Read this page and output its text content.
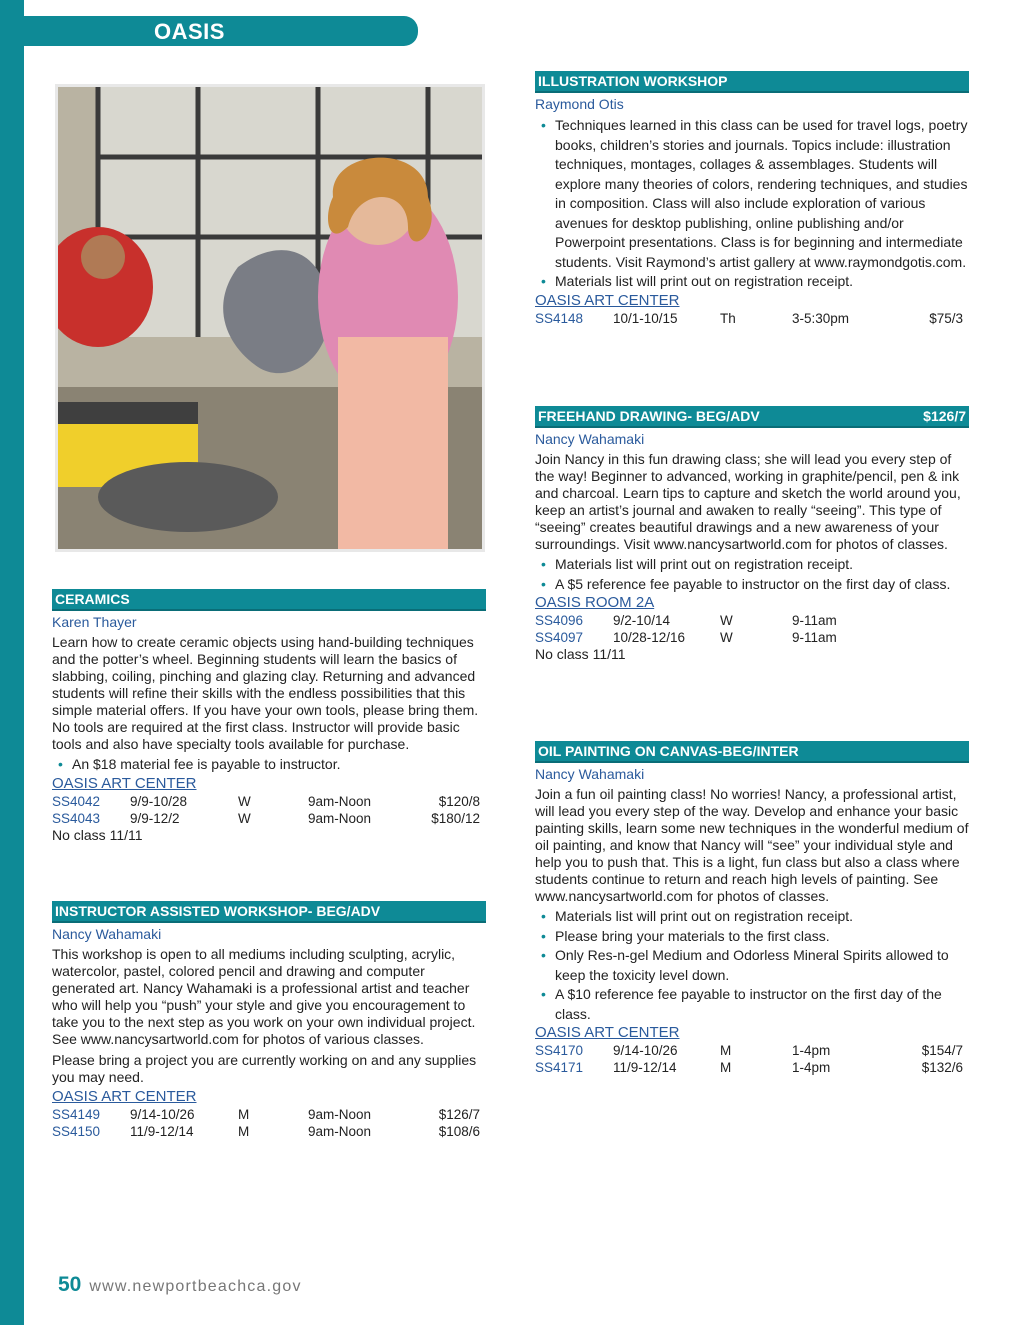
OASIS
CERAMICS
Karen Thayer

Learn how to create ceramic objects using hand-building techniques and the potter’s wheel. Beginning students will learn the basics of slabbing, coiling, pinching and glazing clay. Returning and advanced students will refine their skills with the endless possibilities that this simple material offers. If you have your own tools, please bring them. No tools are required at the first class. Instructor will provide basic tools and also have specialty tools available for purchase.

• An $18 material fee is payable to instructor.
OASIS ART CENTER
SS4042	9/9-10/28	W	9am-Noon	$120/8
SS4043	9/9-12/2	W	9am-Noon	$180/12
No class 11/11
INSTRUCTOR ASSISTED WORKSHOP- BEG/ADV
Nancy Wahamaki

This workshop is open to all mediums including sculpting, acrylic, watercolor, pastel, colored pencil and drawing and computer generated art. Nancy Wahamaki is a professional artist and teacher who will help you “push” your style and give you encouragement to take you to the next step as you work on your own individual project. See www.nancysartworld.com for photos of various classes.

Please bring a project you are currently working on and any supplies you may need.

OASIS ART CENTER
SS4149	9/14-10/26	M	9am-Noon	$126/7
SS4150	11/9-12/14	M	9am-Noon	$108/6
ILLUSTRATION WORKSHOP
Raymond Otis
• Techniques learned in this class can be used for travel logs, poetry books, children’s stories and journals. Topics include: illustration techniques, montages, collages & assemblages. Students will explore many theories of colors, rendering techniques, and studies in composition. Class will also include exploration of various avenues for desktop publishing, online publishing and/or Powerpoint presentations. Class is for beginning and intermediate students. Visit Raymond’s artist gallery at www.raymondgotis.com.
• Materials list will print out on registration receipt.
OASIS ART CENTER
SS4148	10/1-10/15	Th	3-5:30pm	$75/3
FREEHAND DRAWING- BEG/ADV	$126/7
Nancy Wahamaki

Join Nancy in this fun drawing class; she will lead you every step of the way! Beginner to advanced, working in graphite/pencil, pen & ink and charcoal. Learn tips to capture and sketch the world around you, keep an artist’s journal and awaken to really “seeing”. This type of “seeing” creates beautiful drawings and a new awareness of your surroundings. Visit www.nancysartworld.com for photos of classes.

• Materials list will print out on registration receipt.
• A $5 reference fee payable to instructor on the first day of class.
OASIS ROOM 2A
SS4096	9/2-10/14	W	9-11am
SS4097	10/28-12/16	W	9-11am
No class 11/11
OIL PAINTING ON CANVAS-BEG/INTER
Nancy Wahamaki

Join a fun oil painting class! No worries! Nancy, a professional artist, will lead you every step of the way. Develop and enhance your basic painting skills, learn some new techniques in the wonderful medium of oil painting, and know that Nancy will “see” your individual style and help you to push that. This is a light, fun class but also a class where students continue to return and reach high levels of painting. See www.nancysartworld.com for photos of classes.

• Materials list will print out on registration receipt.
• Please bring your materials to the first class.
• Only Res-n-gel Medium and Odorless Mineral Spirits allowed to keep the toxicity level down.
• A $10 reference fee payable to instructor on the first day of the class.
OASIS ART CENTER
SS4170	9/14-10/26	M	1-4pm	$154/7
SS4171	11/9-12/14	M	1-4pm	$132/6
50 www.newportbeachca.gov
